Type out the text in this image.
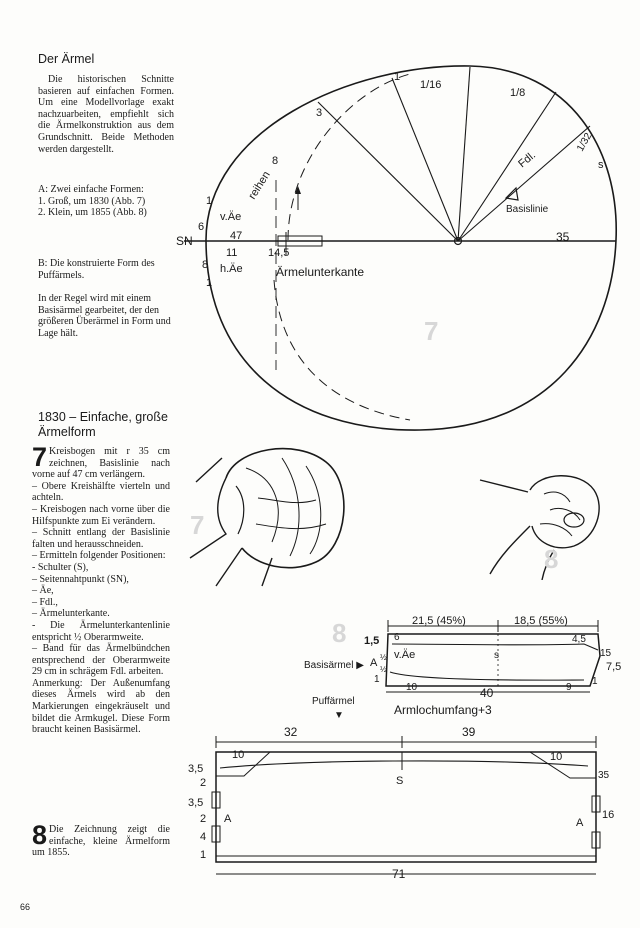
Der Ärmel
Die historischen Schnitte basieren auf einfachen Formen. Um eine Modellvorlage exakt nachzuarbeiten, empfiehlt sich die Ärmelkonstruktion aus dem Grundschnitt. Beide Methoden werden dargestellt.

A: Zwei einfache Formen:

1. Groß, um 1830 (Abb. 7)

2. Klein, um 1855 (Abb. 8)

B: Die konstruierte Form des Puffärmels.
In der Regel wird mit einem Basisärmel gearbeitet, der den größeren Überärmel in Form und Lage hält.
1830 – Einfache, große
Ärmelform

7 Kreisbogen mit r 35 cm zeichnen, Basislinie nach vorne auf 47 cm verlängern.

– Obere Kreishälfte vierteln und achteln.

– Kreisbogen nach vorne über die Hilfspunkte zum Ei verändern.

– Schnitt entlang der Basislinie falten und herausschneiden.

– Ermitteln folgender Positionen:

- Schulter (S),

– Seitennahtpunkt (SN),

– Äe,

– Fdl.,

– Ärmelunterkante.

- Die Ärmelunterkantenlinie entspricht ½ Oberarmweite.

– Band für das Ärmelbündchen entsprechend der Oberarmweite 29 cm in schrägem Fdl. arbeiten.

Anmerkung: Der Außenumfang dieses Ärmels wird ab den Markierungen eingekräuselt und bildet die Armkugel. Diese Form braucht keinen Basisärmel.

8 Die Zeichnung zeigt die einfache, kleine Ärmelform um 1855.

66
SN	47	35
11	14,5
6
8
1
1
v.Äe
h.Äe
reihen
8
Ärmelunterkante
Basislinie
Fdl.
1/16
1/8
1/32
3
1
s
7
7
8
8	21,5 (45%)	18,5 (55%)
1,5 6
v.Äe	s
4,5
15
7,5
A ½
½
1
10	40	9
1
Armlochumfang+3
Basisärmel ▶
Puffärmel
▼
32	39
10	10
3,5
2
3,5
2 A
4
1
S	35
A
16
71
